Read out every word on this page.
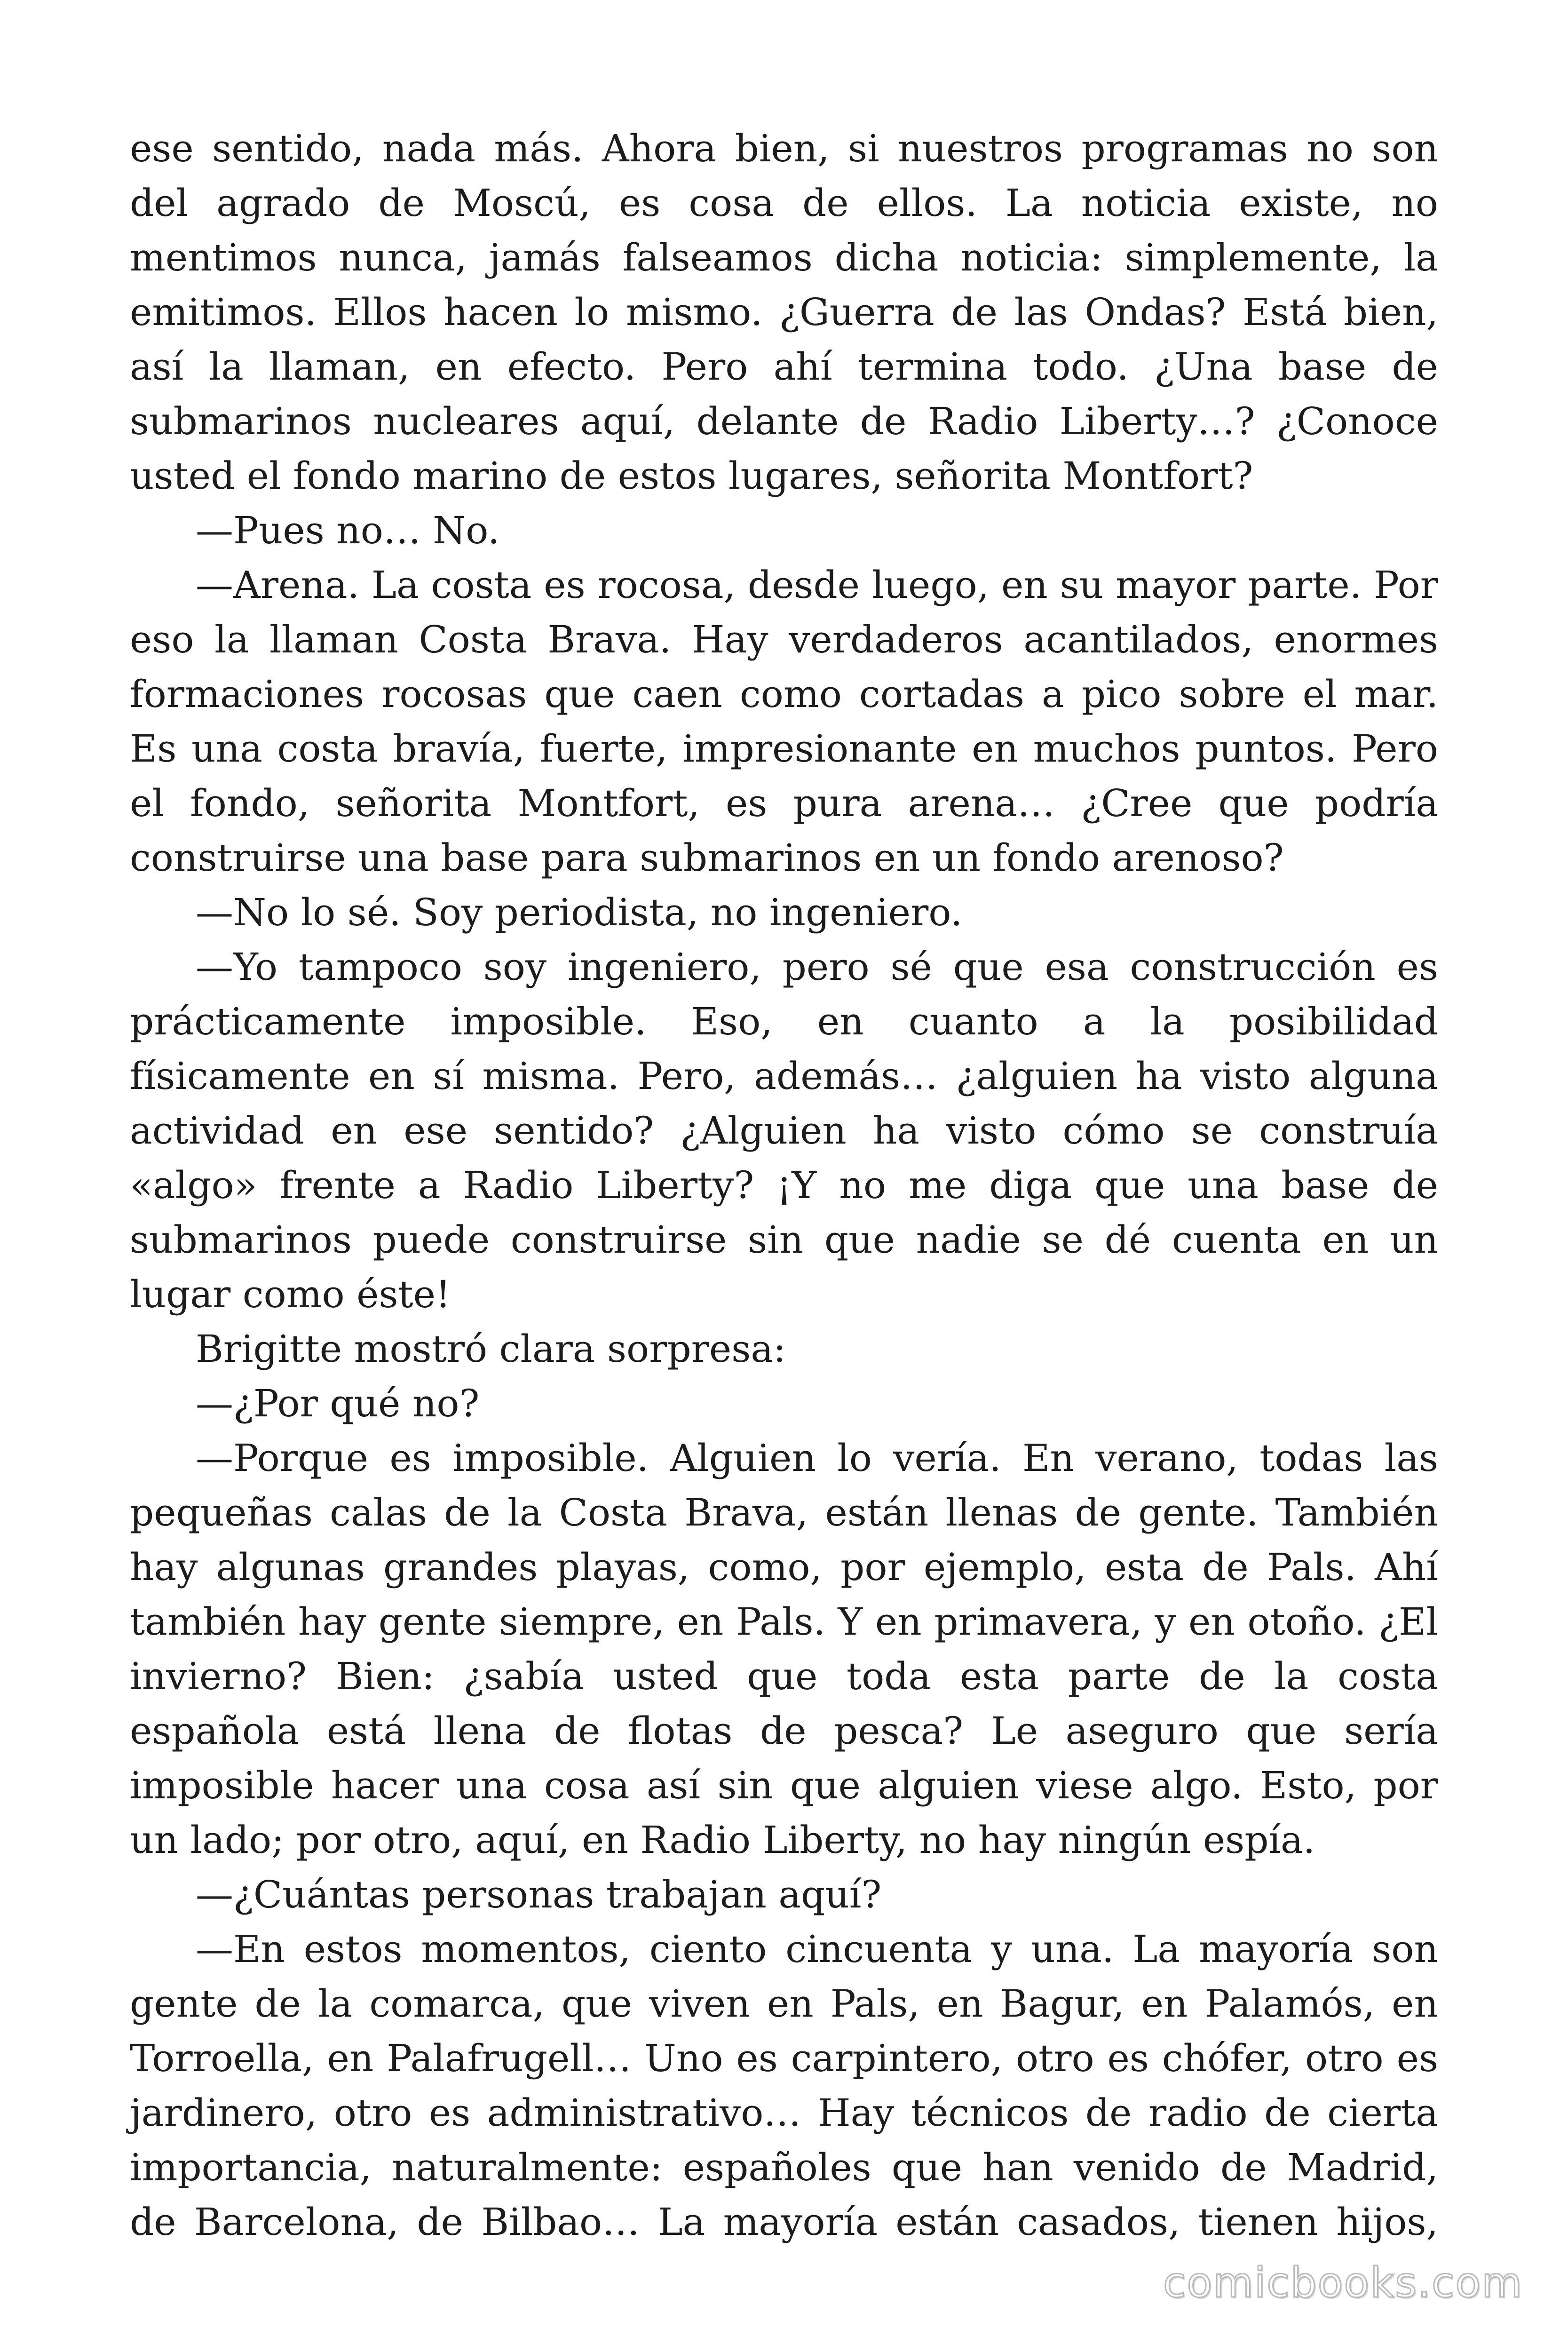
ese sentido, nada más. Ahora bien, si nuestros programas no son del agrado de Moscú, es cosa de ellos. La noticia existe, no mentimos nunca, jamás falseamos dicha noticia: simplemente, la emitimos. Ellos hacen lo mismo. ¿Guerra de las Ondas? Está bien, así la llaman, en efecto. Pero ahí termina todo. ¿Una base de submarinos nucleares aquí, delante de Radio Liberty…? ¿Conoce usted el fondo marino de estos lugares, señorita Montfort?

—Pues no… No.

—Arena. La costa es rocosa, desde luego, en su mayor parte. Por eso la llaman Costa Brava. Hay verdaderos acantilados, enormes formaciones rocosas que caen como cortadas a pico sobre el mar. Es una costa bravía, fuerte, impresionante en muchos puntos. Pero el fondo, señorita Montfort, es pura arena… ¿Cree que podría construirse una base para submarinos en un fondo arenoso?

—No lo sé. Soy periodista, no ingeniero.

—Yo tampoco soy ingeniero, pero sé que esa construcción es prácticamente imposible. Eso, en cuanto a la posibilidad físicamente en sí misma. Pero, además… ¿alguien ha visto alguna actividad en ese sentido? ¿Alguien ha visto cómo se construía «algo» frente a Radio Liberty? ¡Y no me diga que una base de submarinos puede construirse sin que nadie se dé cuenta en un lugar como éste!

Brigitte mostró clara sorpresa:

—¿Por qué no?

—Porque es imposible. Alguien lo vería. En verano, todas las pequeñas calas de la Costa Brava, están llenas de gente. También hay algunas grandes playas, como, por ejemplo, esta de Pals. Ahí también hay gente siempre, en Pals. Y en primavera, y en otoño. ¿El invierno? Bien: ¿sabía usted que toda esta parte de la costa española está llena de flotas de pesca? Le aseguro que sería imposible hacer una cosa así sin que alguien viese algo. Esto, por un lado; por otro, aquí, en Radio Liberty, no hay ningún espía.

—¿Cuántas personas trabajan aquí?

—En estos momentos, ciento cincuenta y una. La mayoría son gente de la comarca, que viven en Pals, en Bagur, en Palamós, en Torroella, en Palafrugell… Uno es carpintero, otro es chófer, otro es jardinero, otro es administrativo… Hay técnicos de radio de cierta importancia, naturalmente: españoles que han venido de Madrid, de Barcelona, de Bilbao… La mayoría están casados, tienen hijos,

comicbooks.com
